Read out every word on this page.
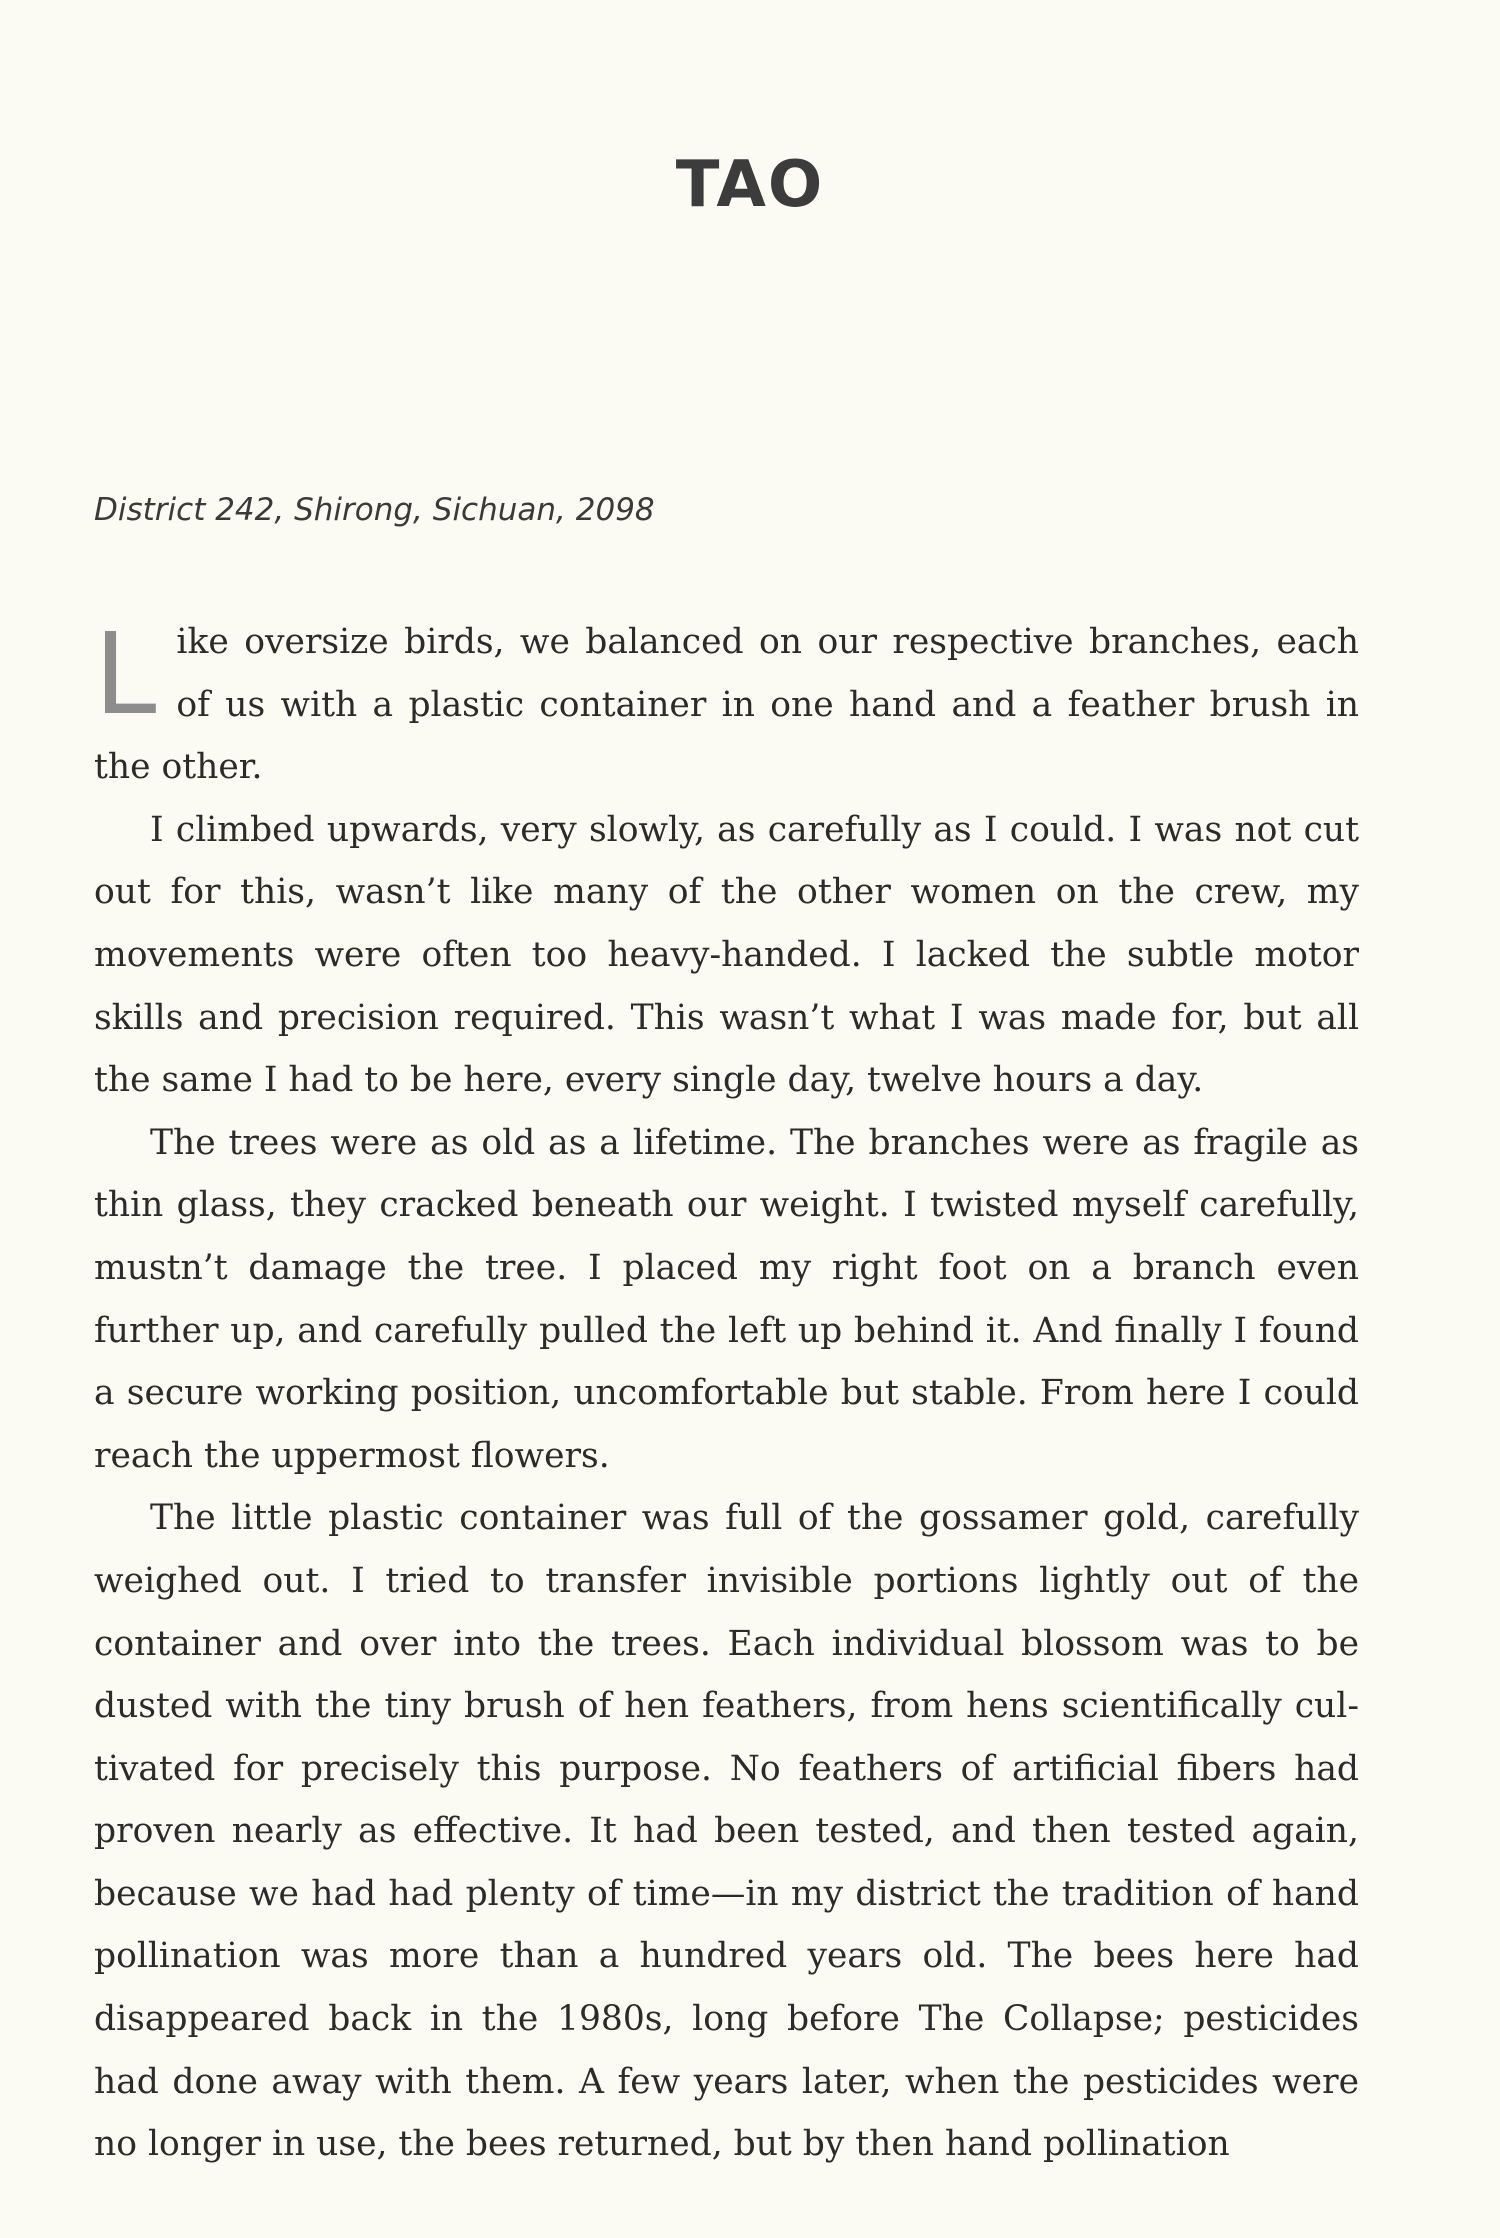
TAO

District 242, Shirong, Sichuan, 2098

Like oversize birds, we balanced on our respective branches, each of us with a plastic container in one hand and a feather brush in the other.

I climbed upwards, very slowly, as carefully as I could. I was not cut out for this, wasn’t like many of the other women on the crew, my movements were often too heavy-handed. I lacked the subtle motor skills and precision required. This wasn’t what I was made for, but all the same I had to be here, every single day, twelve hours a day.

The trees were as old as a lifetime. The branches were as fragile as thin glass, they cracked beneath our weight. I twisted myself carefully, mustn’t damage the tree. I placed my right foot on a branch even further up, and carefully pulled the left up behind it. And finally I found a secure working position, uncomfortable but stable. From here I could reach the uppermost flowers.

The little plastic container was full of the gossamer gold, carefully weighed out. I tried to transfer invisible portions lightly out of the container and over into the trees. Each individual blossom was to be dusted with the tiny brush of hen feathers, from hens scientifically cultivated for precisely this purpose. No feathers of artificial fibers had proven nearly as effective. It had been tested, and then tested again, because we had had plenty of time—in my district the tradition of hand pollination was more than a hundred years old. The bees here had disappeared back in the 1980s, long before The Collapse; pesticides had done away with them. A few years later, when the pesticides were no longer in use, the bees returned, but by then hand pollination
